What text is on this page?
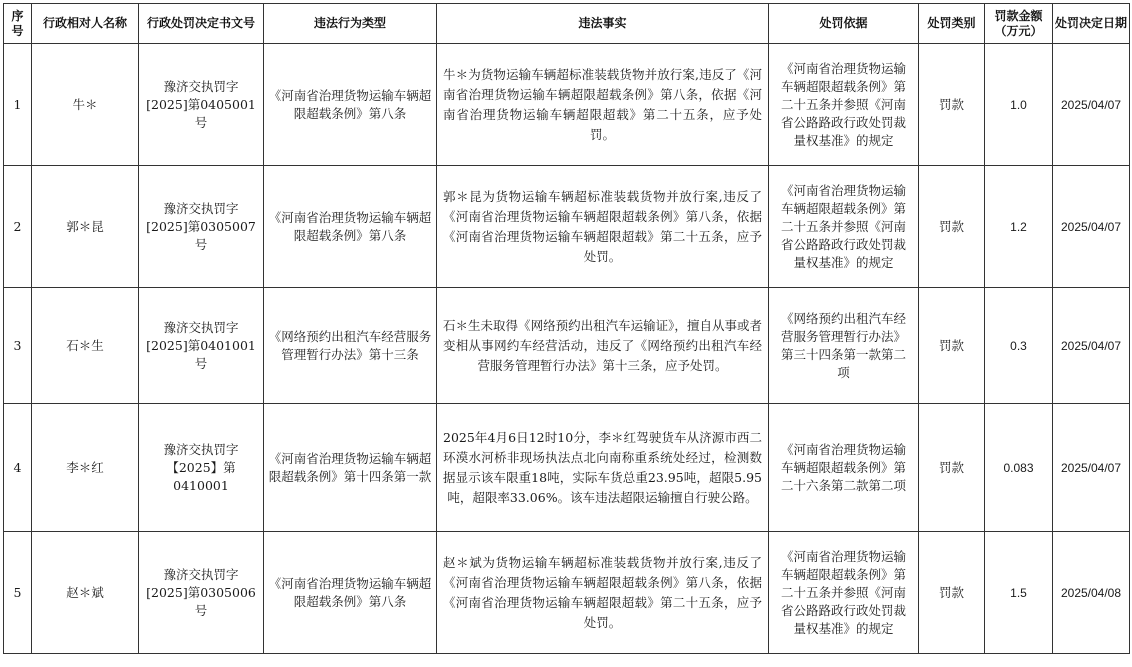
序号	行政相对人名称	行政处罚决定书文号	违法行为类型	违法事实	处罚依据	处罚类别	罚款金额（万元）	处罚决定日期
1	牛＊	豫济交执罚字[2025]第0405001号	《河南省治理货物运输车辆超限超载条例》第八条	牛＊为货物运输车辆超标准装载货物并放行案,违反了《河南省治理货物运输车辆超限超载条例》第八条，依据《河南省治理货物运输车辆超限超载》第二十五条，应予处罚。	《河南省治理货物运输车辆超限超载条例》第二十五条并参照《河南省公路路政行政处罚裁量权基准》的规定	罚款	1.0	2025/04/07
2	郭＊昆	豫济交执罚字[2025]第0305007号	《河南省治理货物运输车辆超限超载条例》第八条	郭＊昆为货物运输车辆超标准装载货物并放行案,违反了《河南省治理货物运输车辆超限超载条例》第八条，依据《河南省治理货物运输车辆超限超载》第二十五条，应予处罚。	《河南省治理货物运输车辆超限超载条例》第二十五条并参照《河南省公路路政行政处罚裁量权基准》的规定	罚款	1.2	2025/04/07
3	石＊生	豫济交执罚字[2025]第0401001号	《网络预约出租汽车经营服务管理暂行办法》第十三条	石＊生未取得《网络预约出租汽车运输证》，擅自从事或者变相从事网约车经营活动，违反了《网络预约出租汽车经营服务管理暂行办法》第十三条，应予处罚。	《网络预约出租汽车经营服务管理暂行办法》第三十四条第一款第二项	罚款	0.3	2025/04/07
4	李＊红	豫济交执罚字【2025】第0410001	《河南省治理货物运输车辆超限超载条例》第十四条第一款	2025年4月6日12时10分，李＊红驾驶货车从济源市西二环漠水河桥非现场执法点北向南称重系统处经过，检测数据显示该车限重18吨，实际车货总重23.95吨，超限5.95吨，超限率33.06%。该车违法超限运输擅自行驶公路。	《河南省治理货物运输车辆超限超载条例》第二十六条第二款第二项	罚款	0.083	2025/04/07
5	赵＊斌	豫济交执罚字[2025]第0305006号	《河南省治理货物运输车辆超限超载条例》第八条	赵＊斌为货物运输车辆超标准装载货物并放行案,违反了《河南省治理货物运输车辆超限超载条例》第八条，依据《河南省治理货物运输车辆超限超载》第二十五条，应予处罚。	《河南省治理货物运输车辆超限超载条例》第二十五条并参照《河南省公路路政行政处罚裁量权基准》的规定	罚款	1.5	2025/04/08
